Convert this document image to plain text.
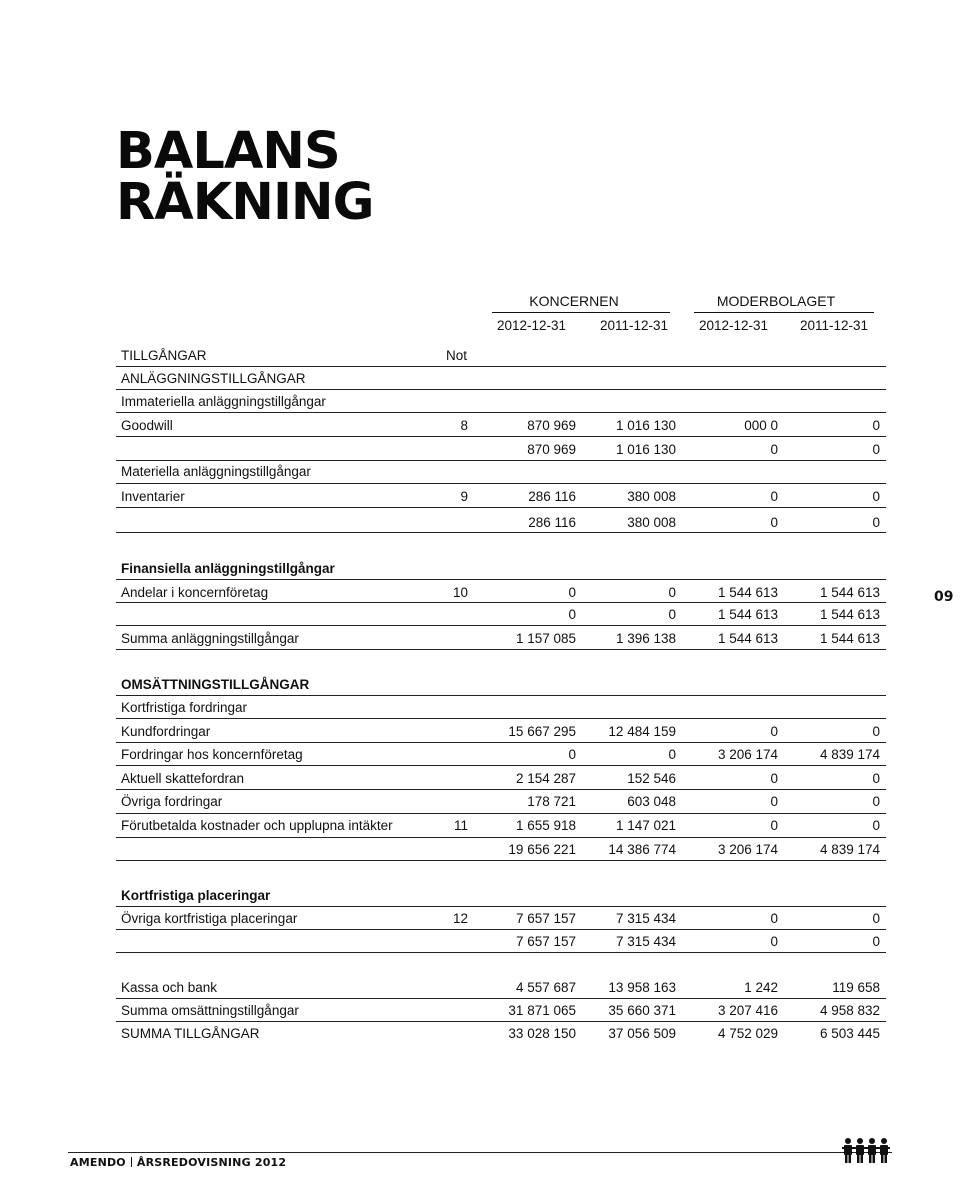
BALANS
RÄKNING
KONCERNEN	MODERBOLAGET
2012-12-31	2011-12-31	2012-12-31	2011-12-31
TILLGÅNGAR	Not
ANLÄGGNINGSTILLGÅNGAR
Immateriella anläggningstillgångar
Goodwill	8	870 969	1 016 130	000 0	0
870 969	1 016 130	0	0
Materiella anläggningstillgångar
Inventarier	9	286 116	380 008	0	0
286 116	380 008	0	0
Finansiella anläggningstillgångar
Andelar i koncernföretag	10	0	0	1 544 613	1 544 613
0	0	1 544 613	1 544 613
Summa anläggningstillgångar	1 157 085	1 396 138	1 544 613	1 544 613
OMSÄTTNINGSTILLGÅNGAR
Kortfristiga fordringar
Kundfordringar	15 667 295	12 484 159	0	0
Fordringar hos koncernföretag	0	0	3 206 174	4 839 174
Aktuell skattefordran	2 154 287	152 546	0	0
Övriga fordringar	178 721	603 048	0	0
Förutbetalda kostnader och upplupna intäkter	11	1 655 918	1 147 021	0	0
19 656 221	14 386 774	3 206 174	4 839 174
Kortfristiga placeringar
Övriga kortfristiga placeringar	12	7 657 157	7 315 434	0	0
7 657 157	7 315 434	0	0
Kassa och bank	4 557 687	13 958 163	1 242	119 658
Summa omsättningstillgångar	31 871 065	35 660 371	3 207 416	4 958 832
SUMMA TILLGÅNGAR	33 028 150	37 056 509	4 752 029	6 503 445
09
AMENDO ÅRSREDOVISNING 2012
